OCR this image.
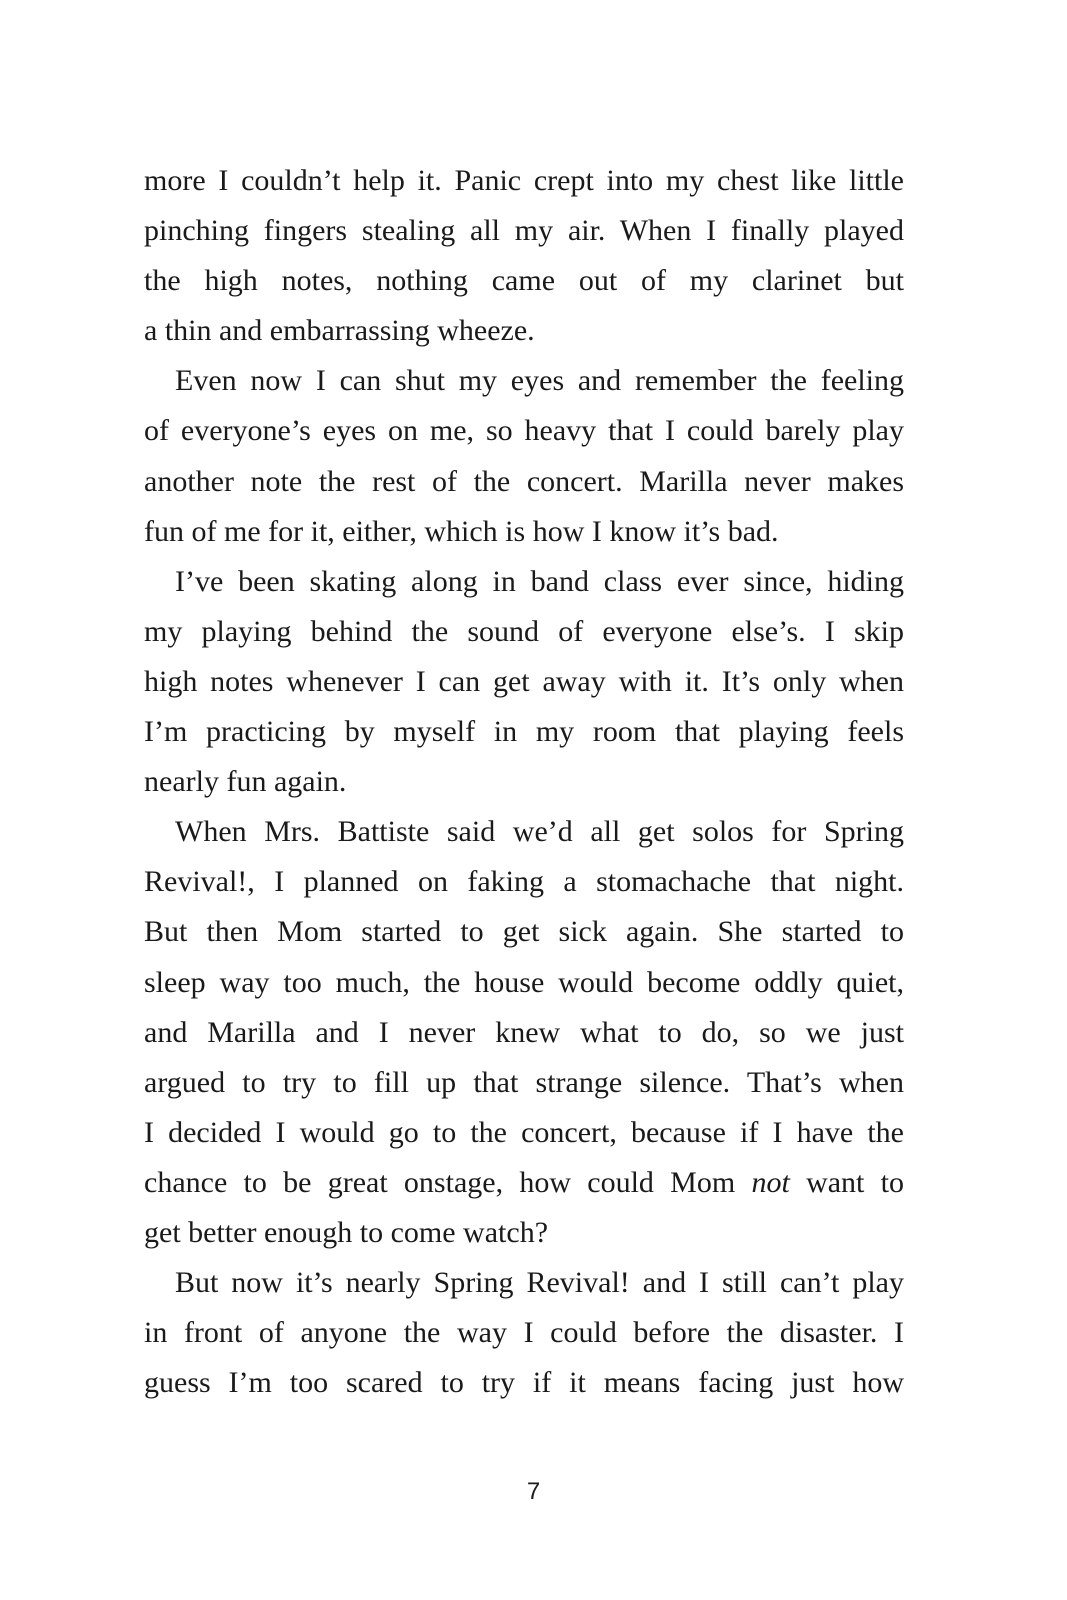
more I couldn’t help it. Panic crept into my chest like little
pinching fingers stealing all my air. When I finally played
the high notes, nothing came out of my clarinet but
a thin and embarrassing wheeze.
Even now I can shut my eyes and remember the feeling
of everyone’s eyes on me, so heavy that I could barely play
another note the rest of the concert. Marilla never makes
fun of me for it, either, which is how I know it’s bad.
I’ve been skating along in band class ever since, hiding
my playing behind the sound of everyone else’s. I skip
high notes whenever I can get away with it. It’s only when
I’m practicing by myself in my room that playing feels
nearly fun again.
When Mrs. Battiste said we’d all get solos for Spring
Revival!, I planned on faking a stomachache that night.
But then Mom started to get sick again. She started to
sleep way too much, the house would become oddly quiet,
and Marilla and I never knew what to do, so we just
argued to try to fill up that strange silence. That’s when
I decided I would go to the concert, because if I have the
chance to be great onstage, how could Mom not want to
get better enough to come watch?
But now it’s nearly Spring Revival! and I still can’t play
in front of anyone the way I could before the disaster. I
guess I’m too scared to try if it means facing just how
7
